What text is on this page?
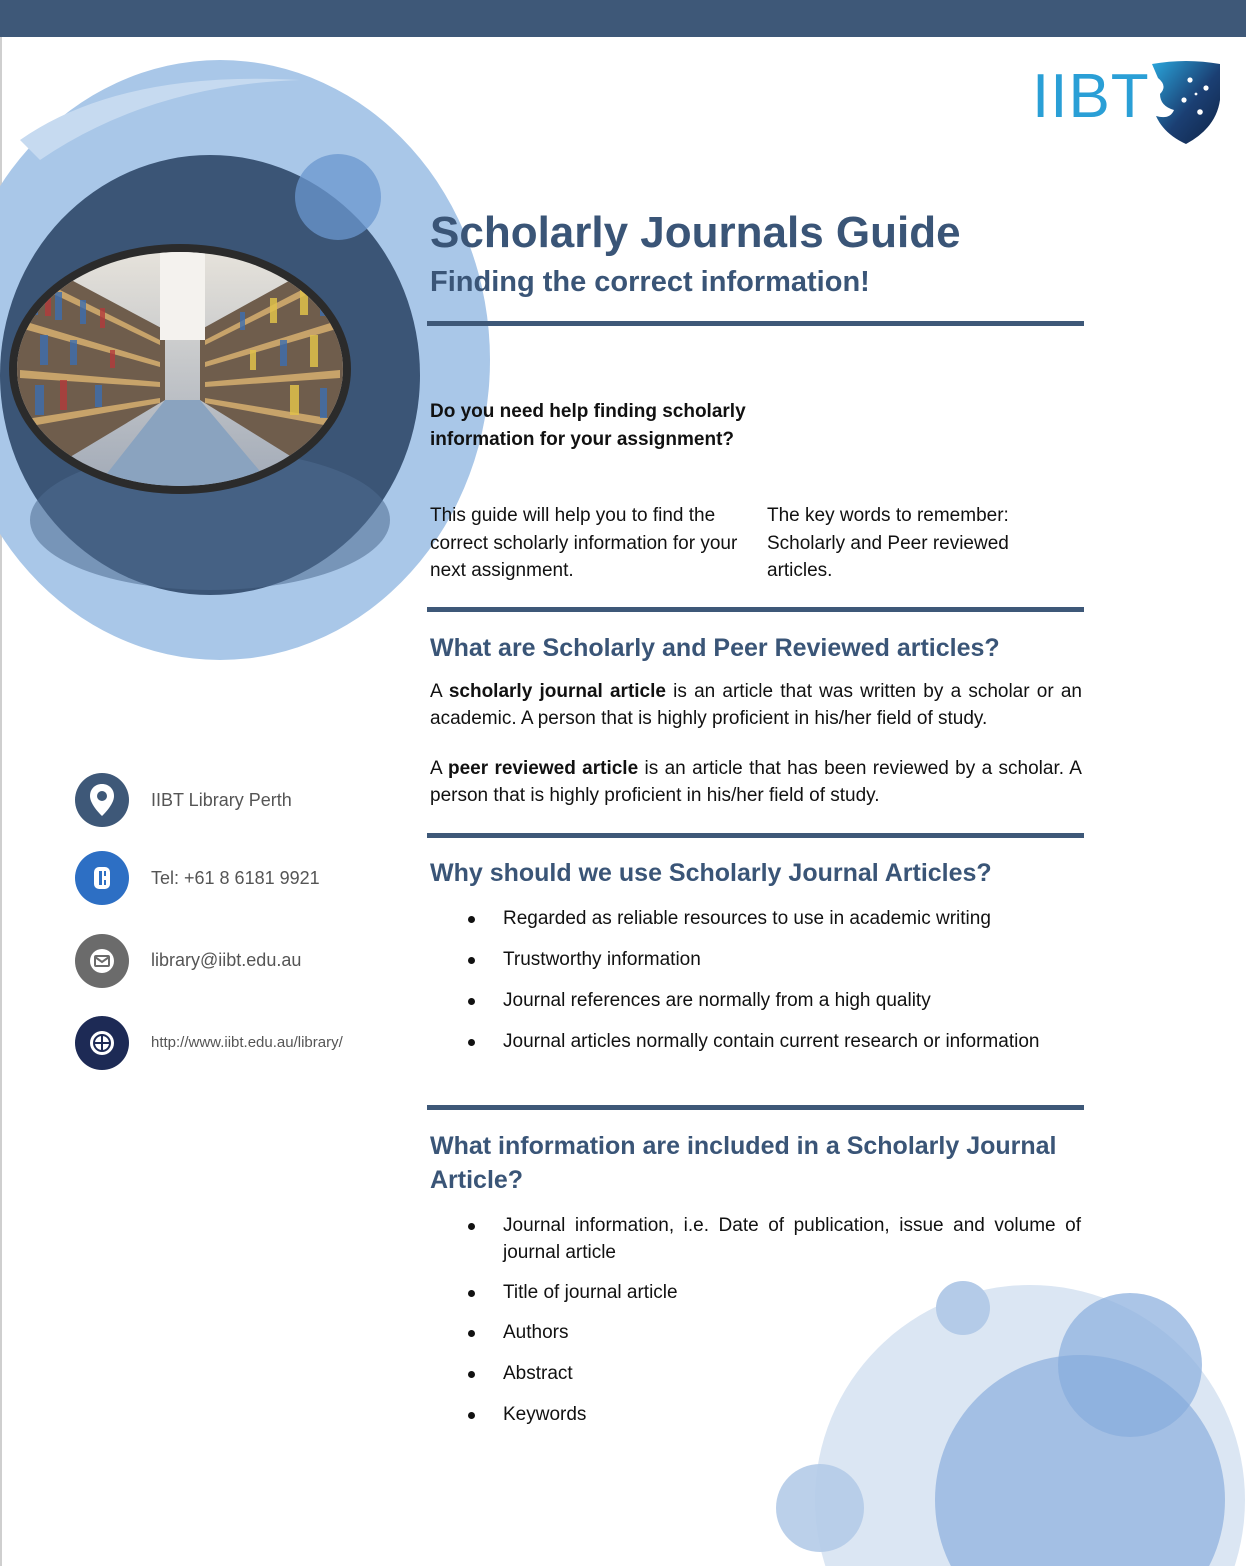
IIBT
Scholarly Journals Guide
Finding the correct information!
Do you need help finding scholarly information for your assignment?
This guide will help you to find the correct scholarly information for your next assignment.
The key words to remember: Scholarly and Peer reviewed articles.
What are Scholarly and Peer Reviewed articles?
A scholarly journal article is an article that was written by a scholar or an academic. A person that is highly proficient in his/her field of study.
A peer reviewed article is an article that has been reviewed by a scholar. A person that is highly proficient in his/her field of study.
Why should we use Scholarly Journal Articles?
Regarded as reliable resources to use in academic writing
Trustworthy information
Journal references are normally from a high quality
Journal articles normally contain current research or information
What information are included in a Scholarly Journal Article?
Journal information, i.e. Date of publication, issue and volume of journal article
Title of journal article
Authors
Abstract
Keywords
IIBT Library Perth
Tel: +61 8 6181 9921
library@iibt.edu.au
http://www.iibt.edu.au/library/
